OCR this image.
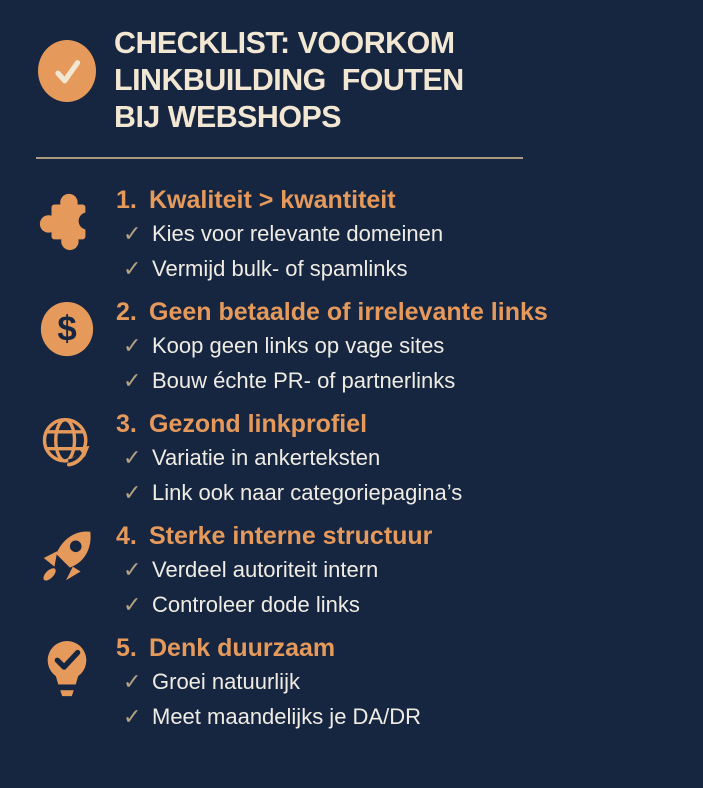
CHECKLIST: VOORKOM
LINKBUILDING  FOUTEN
BIJ WEBSHOPS
1. Kwaliteit > kwantiteit
✓ Kies voor relevante domeinen
✓ Vermijd bulk- of spamlinks
$ 2. Geen betaalde of irrelevante links
✓ Koop geen links op vage sites
✓ Bouw échte PR- of partnerlinks
3. Gezond linkprofiel
✓ Variatie in ankerteksten
✓ Link ook naar categoriepagina’s
4. Sterke interne structuur
✓ Verdeel autoriteit intern
✓ Controleer dode links
5. Denk duurzaam
✓ Groei natuurlijk
✓ Meet maandelijks je DA/DR
